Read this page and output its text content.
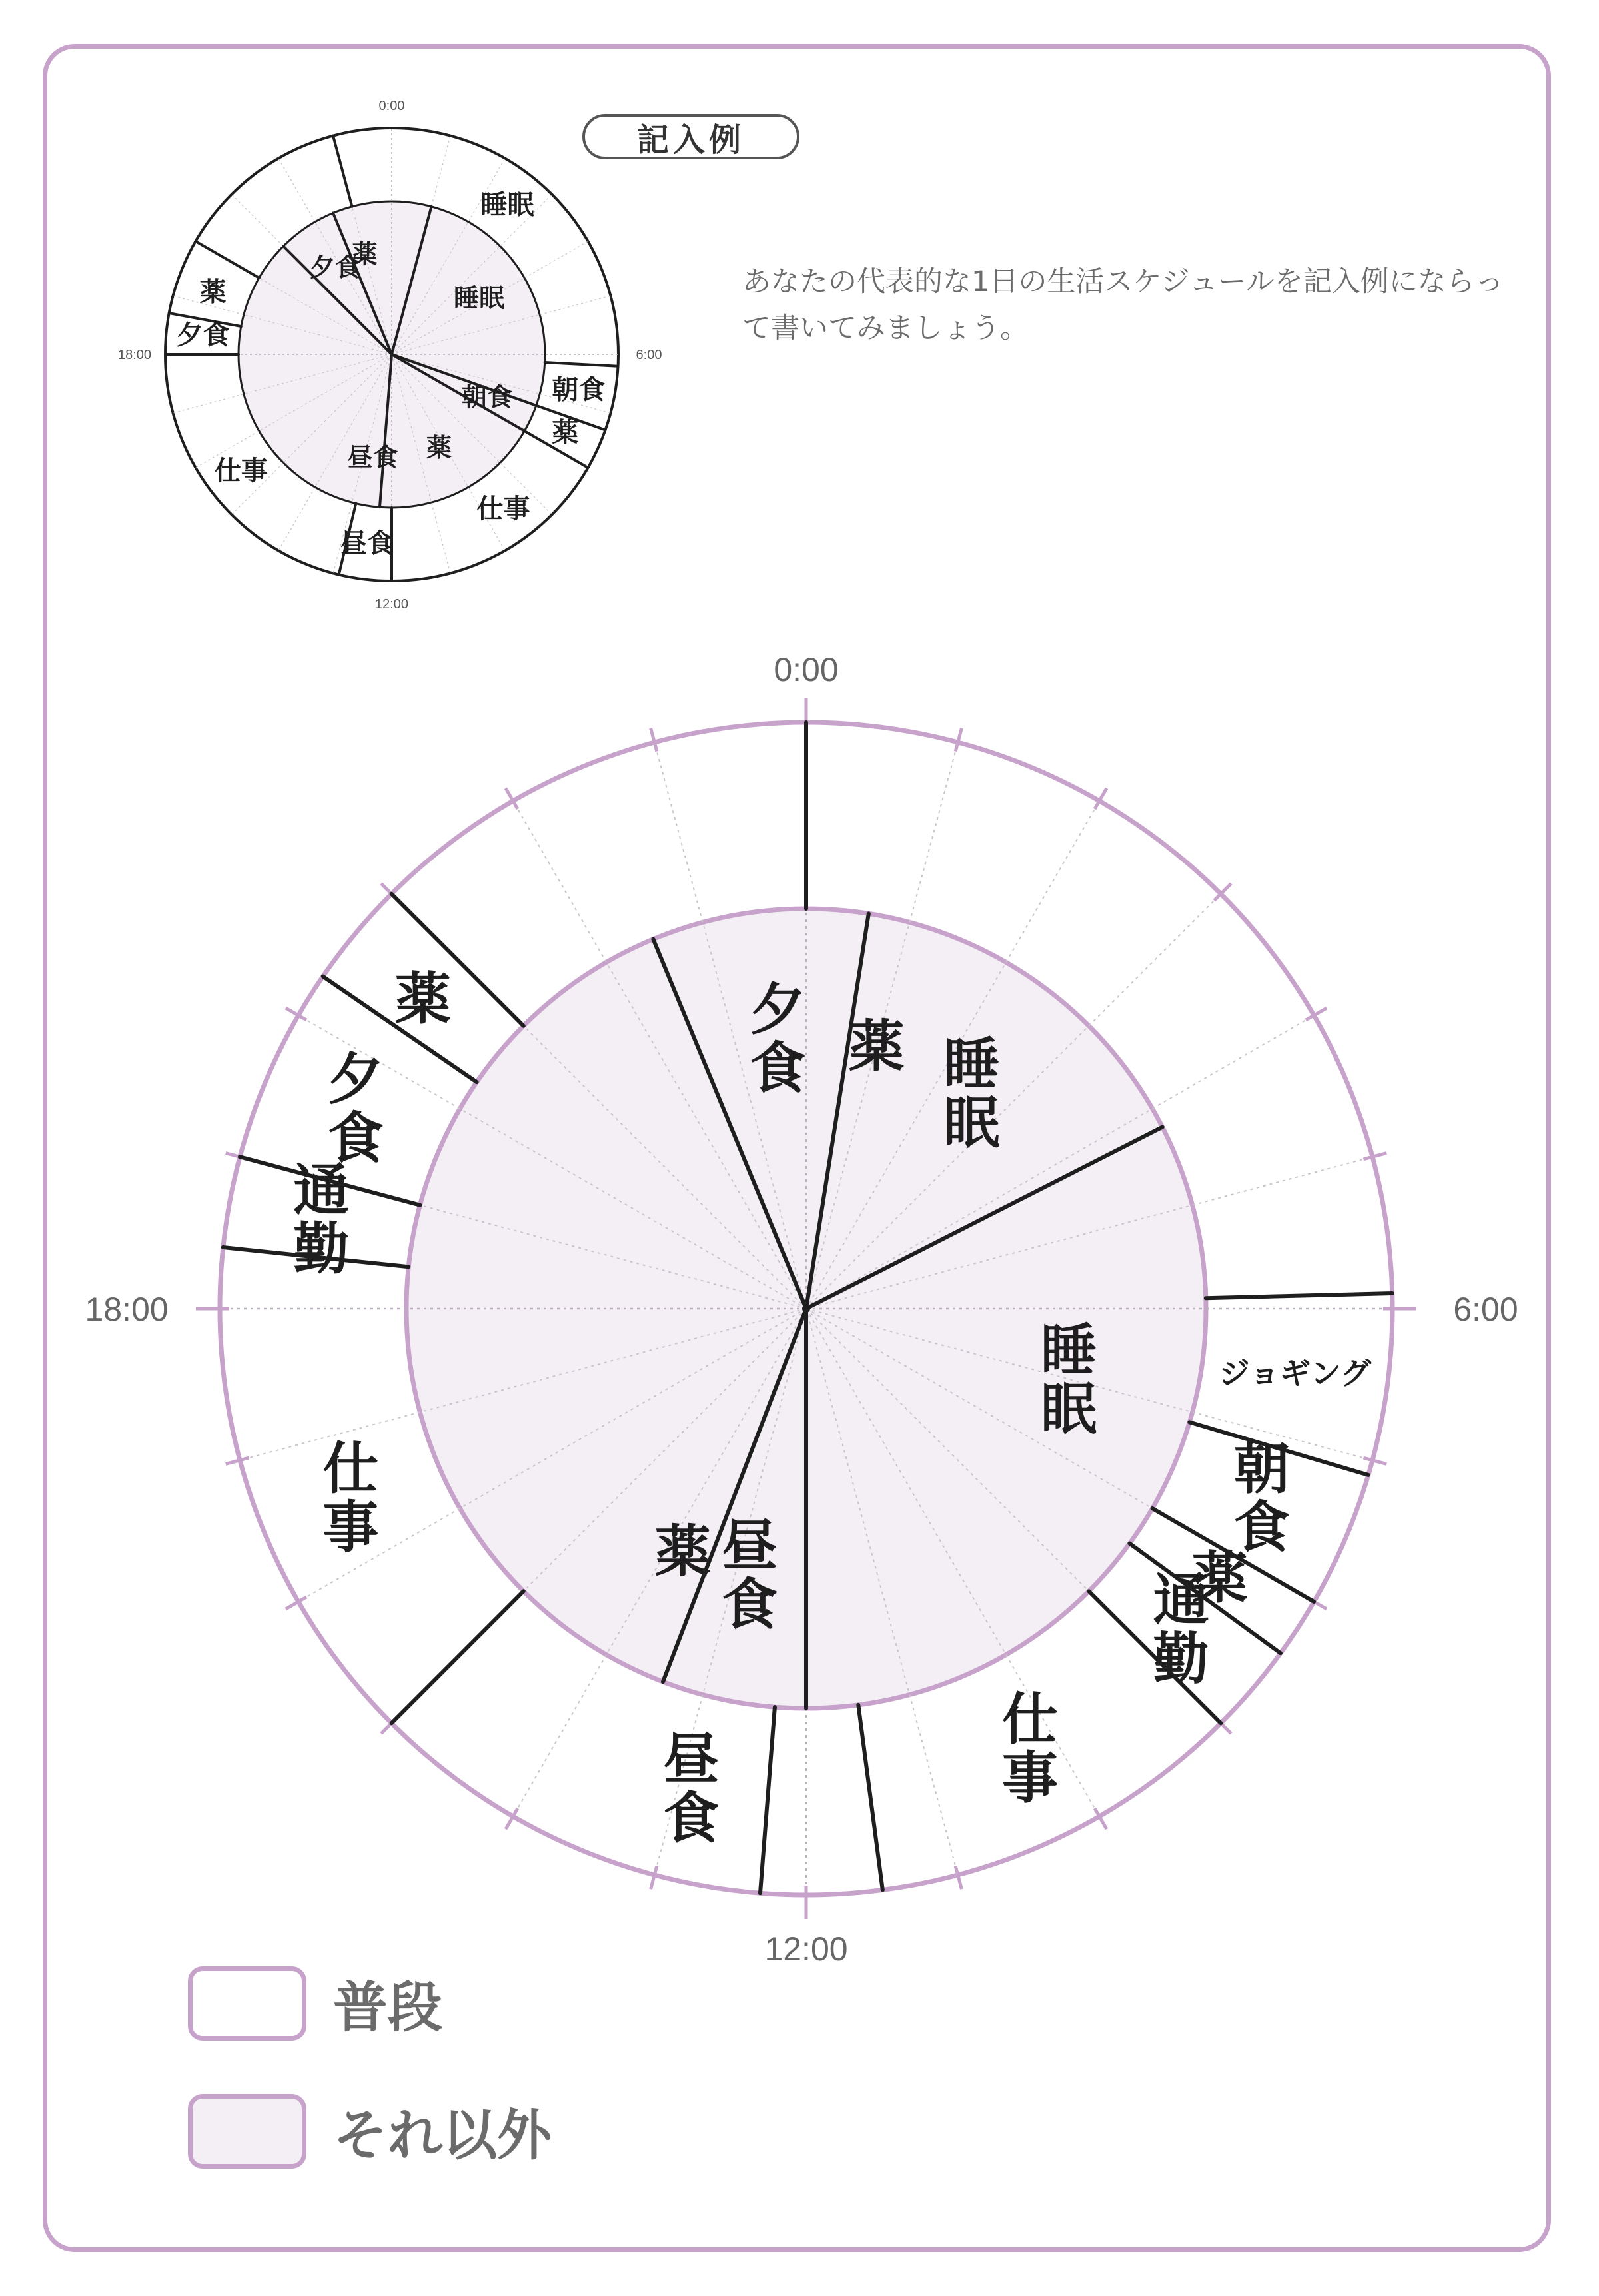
記入例
あなたの代表的な1日の生活スケジュールを記入例にならって書いてみましょう。
睡眠
朝食
薬
仕事
昼食
仕事
夕食
薬	睡眠
朝食
薬
昼食
夕食
薬
0:00
12:00
6:00
18:00
ジョギング
朝
食
薬
通
勤
仕
事
昼
食
仕
事
通
勤
夕
食
薬
薬 睡
眠
睡
眠
昼
食
薬
夕
食
0:00
12:00
6:00
18:00
普段
それ以外
